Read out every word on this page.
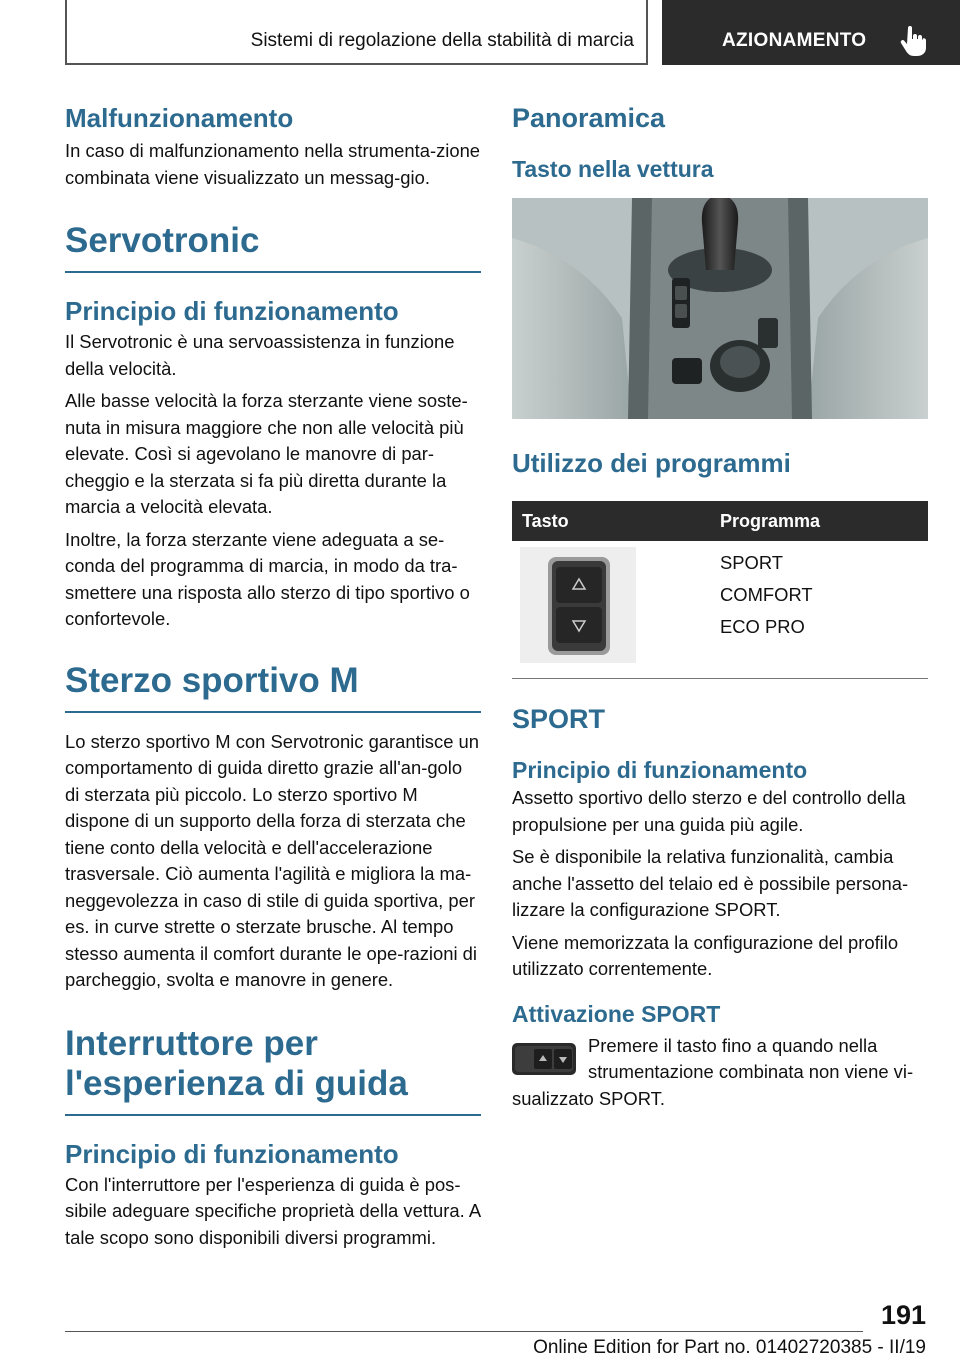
Sistemi di regolazione della stabilità di marcia	AZIONAMENTO
Malfunzionamento

In caso di malfunzionamento nella strumenta-zione combinata viene visualizzato un messag-gio.

Servotronic
Principio di funzionamento

Il Servotronic è una servoassistenza in funzione della velocità.

Alle basse velocità la forza sterzante viene soste-nuta in misura maggiore che non alle velocità più elevate. Così si agevolano le manovre di par-cheggio e la sterzata si fa più diretta durante la marcia a velocità elevata.

Inoltre, la forza sterzante viene adeguata a se-conda del programma di marcia, in modo da tra-smettere una risposta allo sterzo di tipo sportivo o confortevole.

Sterzo sportivo M

Lo sterzo sportivo M con Servotronic garantisce un comportamento di guida diretto grazie all'an-golo di sterzata più piccolo. Lo sterzo sportivo M dispone di un supporto della forza di sterzata che tiene conto della velocità e dell'accelerazione trasversale. Ciò aumenta l'agilità e migliora la ma-neggevolezza in caso di stile di guida sportiva, per es. in curve strette o sterzate brusche. Al tempo stesso aumenta il comfort durante le ope-razioni di parcheggio, svolta e manovre in genere.

Interruttore per l'esperienza di guida
Principio di funzionamento

Con l'interruttore per l'esperienza di guida è pos-sibile adeguare specifiche proprietà della vettura. A tale scopo sono disponibili diversi programmi.

Panoramica
Tasto nella vettura
Utilizzo dei programmi
Tasto	Programma

SPORT
COMFORT
ECO PRO
SPORT
Principio di funzionamento

Assetto sportivo dello sterzo e del controllo della propulsione per una guida più agile.

Se è disponibile la relativa funzionalità, cambia anche l'assetto del telaio ed è possibile persona-lizzare la configurazione SPORT.

Viene memorizzata la configurazione del profilo utilizzato correntemente.

Attivazione SPORT

Premere il tasto fino a quando nella strumentazione combinata non viene vi-sualizzato SPORT.

191
Online Edition for Part no. 01402720385 - II/19
